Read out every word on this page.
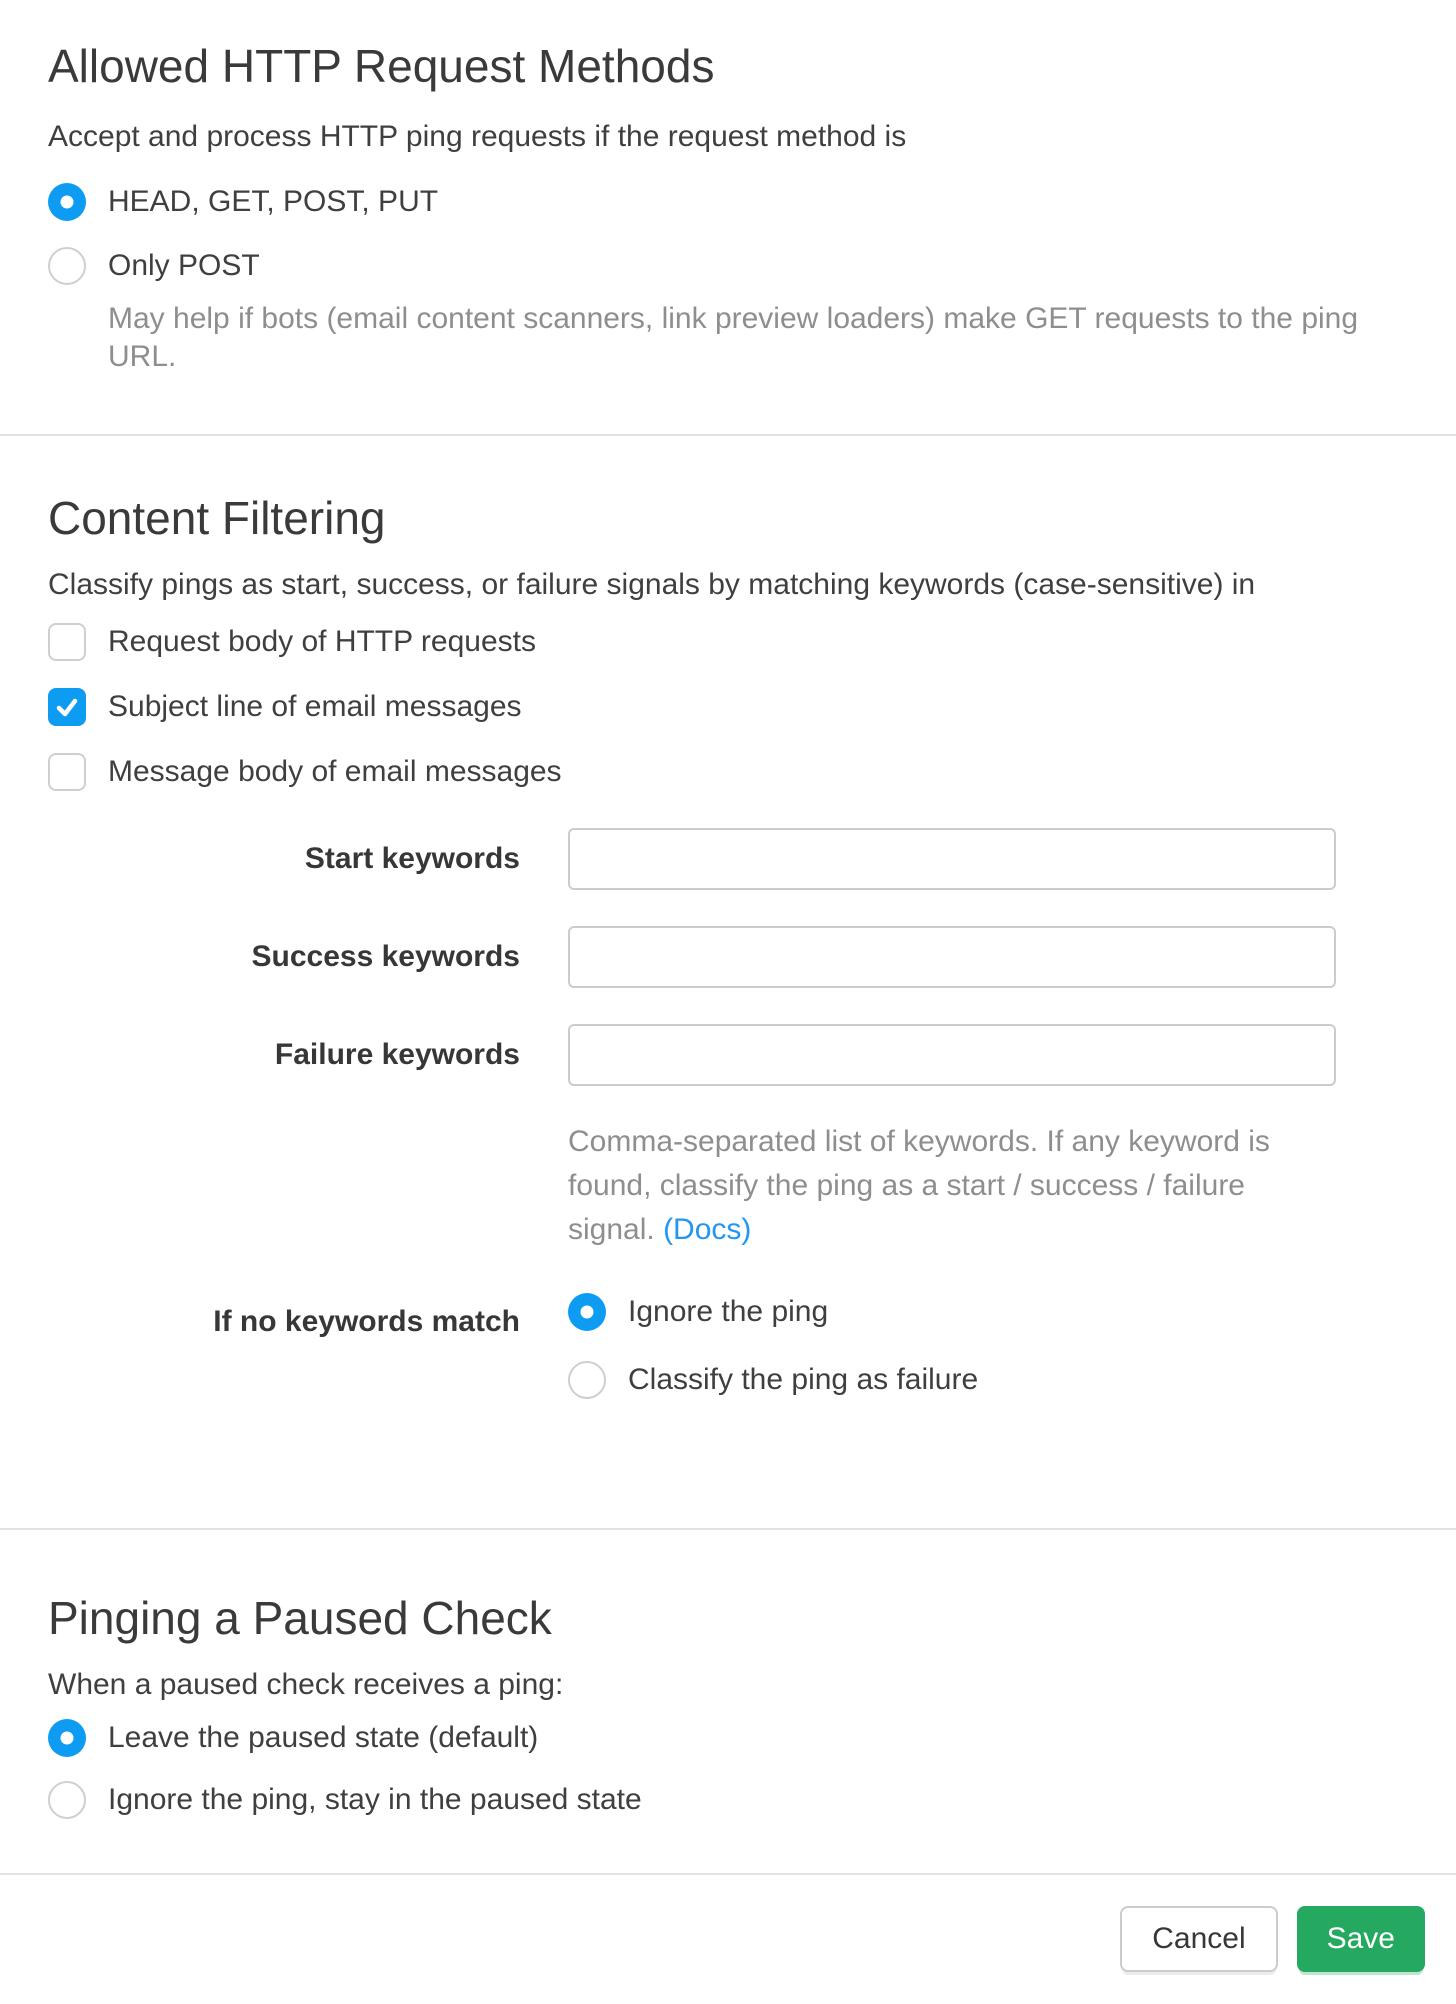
Allowed HTTP Request Methods

Accept and process HTTP ping requests if the request method is

HEAD, GET, POST, PUT
Only POST

May help if bots (email content scanners, link preview loaders) make GET requests to the ping URL.

Content Filtering

Classify pings as start, success, or failure signals by matching keywords (case-sensitive) in

Request body of HTTP requests
Subject line of email messages
Message body of email messages
Start keywords
Success keywords
Failure keywords

Comma-separated list of keywords. If any keyword is found, classify the ping as a start / success / failure signal. (Docs)

If no keywords match	Ignore the ping
Classify the ping as failure
Pinging a Paused Check

When a paused check receives a ping:

Leave the paused state (default)
Ignore the ping, stay in the paused state
Cancel	Save
